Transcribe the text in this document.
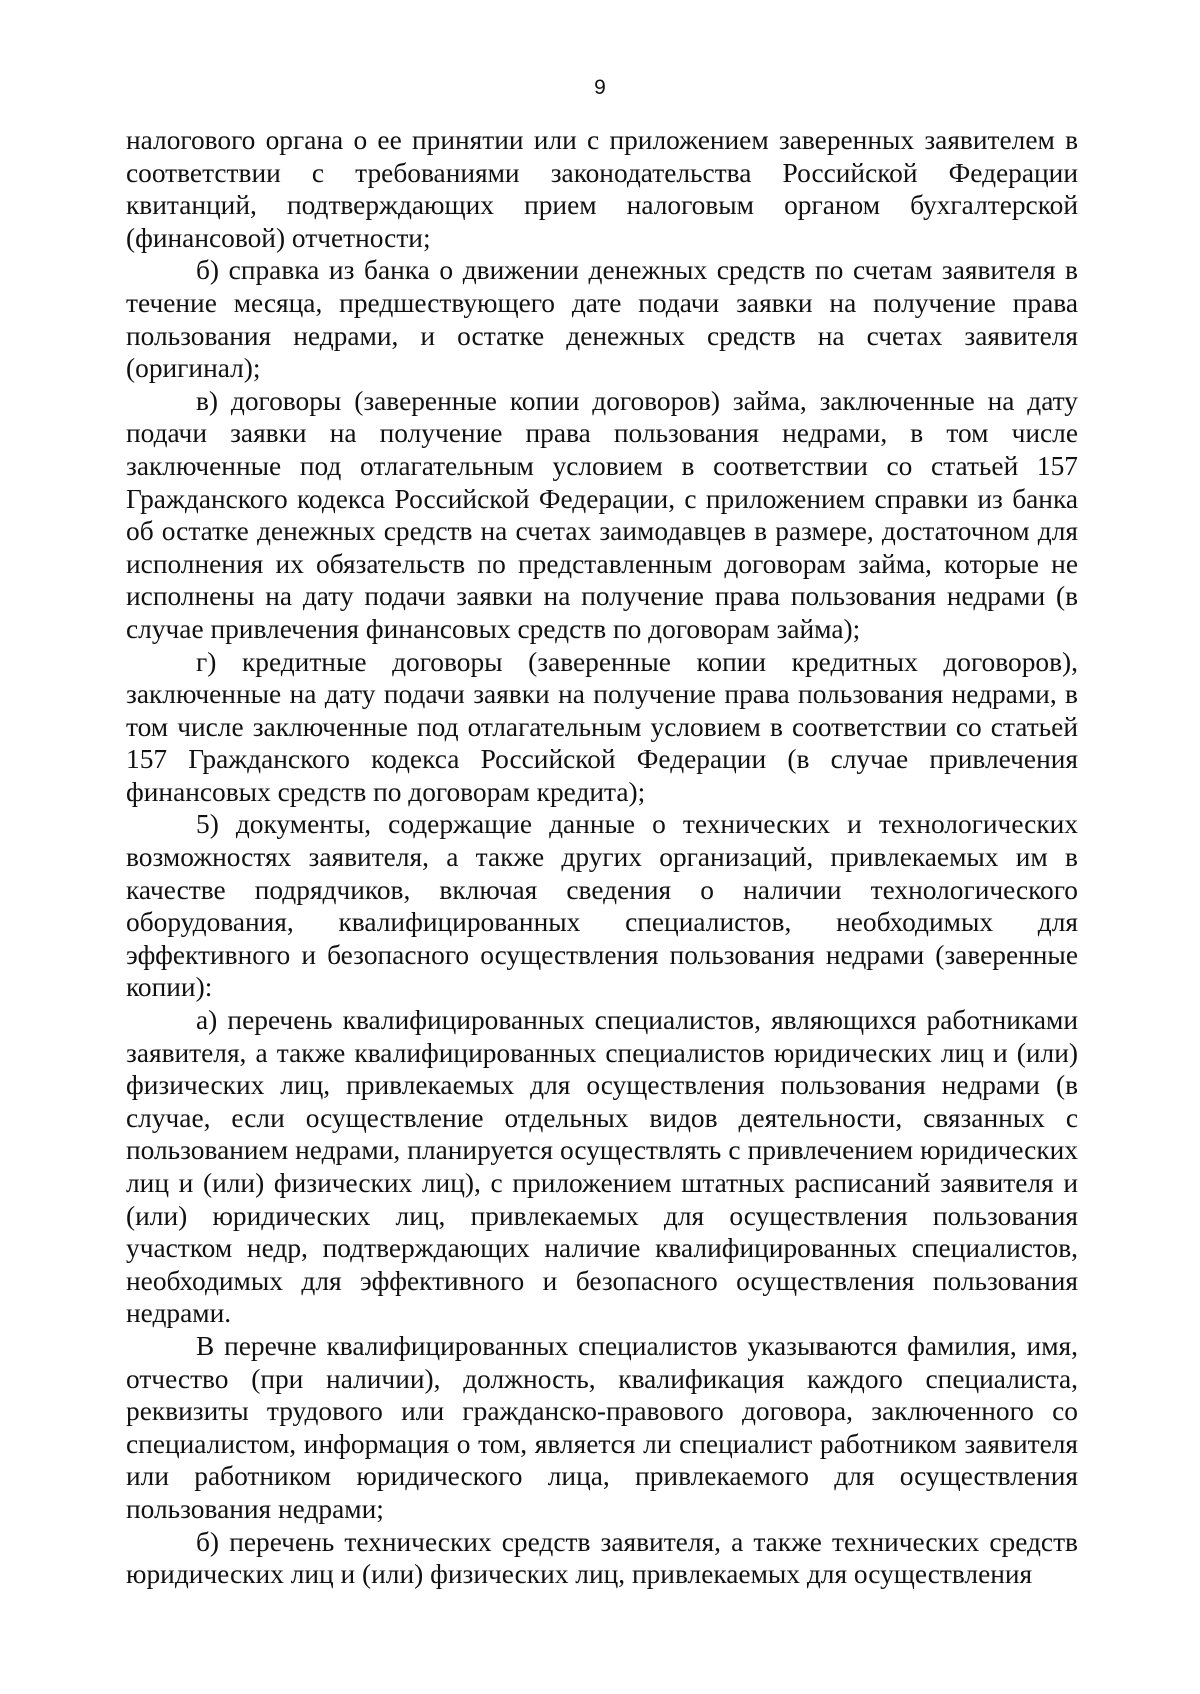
9

налогового органа о ее принятии или с приложением заверенных заявителем в соответствии с требованиями законодательства Российской Федерации квитанций, подтверждающих прием налоговым органом бухгалтерской (финансовой) отчетности;

б) справка из банка о движении денежных средств по счетам заявителя в течение месяца, предшествующего дате подачи заявки на получение права пользования недрами, и остатке денежных средств на счетах заявителя (оригинал);

в) договоры (заверенные копии договоров) займа, заключенные на дату подачи заявки на получение права пользования недрами, в том числе заключенные под отлагательным условием в соответствии со статьей 157 Гражданского кодекса Российской Федерации, с приложением справки из банка об остатке денежных средств на счетах заимодавцев в размере, достаточном для исполнения их обязательств по представленным договорам займа, которые не исполнены на дату подачи заявки на получение права пользования недрами (в случае привлечения финансовых средств по договорам займа);

г) кредитные договоры (заверенные копии кредитных договоров), заключенные на дату подачи заявки на получение права пользования недрами, в том числе заключенные под отлагательным условием в соответствии со статьей 157 Гражданского кодекса Российской Федерации (в случае привлечения финансовых средств по договорам кредита);

5) документы, содержащие данные о технических и технологических возможностях заявителя, а также других организаций, привлекаемых им в качестве подрядчиков, включая сведения о наличии технологического оборудования, квалифицированных специалистов, необходимых для эффективного и безопасного осуществления пользования недрами (заверенные копии):

а) перечень квалифицированных специалистов, являющихся работниками заявителя, а также квалифицированных специалистов юридических лиц и (или) физических лиц, привлекаемых для осуществления пользования недрами (в случае, если осуществление отдельных видов деятельности, связанных с пользованием недрами, планируется осуществлять с привлечением юридических лиц и (или) физических лиц), с приложением штатных расписаний заявителя и (или) юридических лиц, привлекаемых для осуществления пользования участком недр, подтверждающих наличие квалифицированных специалистов, необходимых для эффективного и безопасного осуществления пользования недрами.

В перечне квалифицированных специалистов указываются фамилия, имя, отчество (при наличии), должность, квалификация каждого специалиста, реквизиты трудового или гражданско-правового договора, заключенного со специалистом, информация о том, является ли специалист работником заявителя или работником юридического лица, привлекаемого для осуществления пользования недрами;

б) перечень технических средств заявителя, а также технических средств юридических лиц и (или) физических лиц, привлекаемых для осуществления
